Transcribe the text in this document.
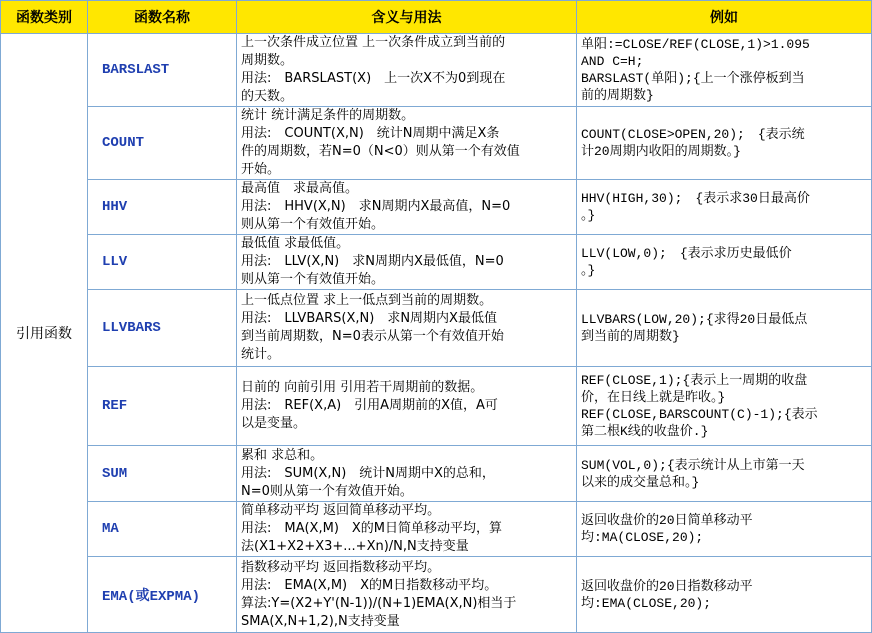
函数类别	函数名称	含义与用法	例如
引用函数	BARSLAST	上一次条件成立位置 上一次条件成立到当前的
周期数。
用法:　BARSLAST(X)　上一次X不为0到现在
的天数。	单阳:=CLOSE/REF(CLOSE,1)>1.095
AND C=H;
BARSLAST(单阳);{上一个涨停板到当
前的周期数}

	COUNT	统计 统计满足条件的周期数。
用法:　COUNT(X,N)　统计N周期中满足X条
件的周期数，若N=0（N<0）则从第一个有效值
开始。	COUNT(CLOSE>OPEN,20);　{表示统
计20周期内收阳的周期数。}

	HHV	最高值　求最高值。
用法:　HHV(X,N)　求N周期内X最高值，N=0
则从第一个有效值开始。	HHV(HIGH,30);　{表示求30日最高价
。}

	LLV	最低值 求最低值。
用法:　LLV(X,N)　求N周期内X最低值，N=0
则从第一个有效值开始。	LLV(LOW,0);　{表示求历史最低价
。}

	LLVBARS	上一低点位置 求上一低点到当前的周期数。
用法:　LLVBARS(X,N)　求N周期内X最低值
到当前周期数，N=0表示从第一个有效值开始
统计。	LLVBARS(LOW,20);{求得20日最低点
到当前的周期数}

	REF	日前的 向前引用 引用若干周期前的数据。
用法:　REF(X,A)　引用A周期前的X值，A可
以是变量。	REF(CLOSE,1);{表示上一周期的收盘
价，在日线上就是昨收。}
REF(CLOSE,BARSCOUNT(C)-1);{表示
第二根K线的收盘价.}

	SUM	累和 求总和。
用法:　SUM(X,N)　统计N周期中X的总和，
N=0则从第一个有效值开始。	SUM(VOL,0);{表示统计从上市第一天
以来的成交量总和。}

	MA	简单移动平均 返回简单移动平均。
用法:　MA(X,M)　X的M日简单移动平均，算
法(X1+X2+X3+...+Xn)/N,N支持变量	返回收盘价的20日简单移动平
均:MA(CLOSE,20);

	EMA(或EXPMA)	指数移动平均 返回指数移动平均。
用法:　EMA(X,M)　X的M日指数移动平均。
算法:Y=(X2+Y'(N-1))/(N+1)EMA(X,N)相当于
SMA(X,N+1,2),N支持变量	返回收盘价的20日指数移动平
均:EMA(CLOSE,20);
